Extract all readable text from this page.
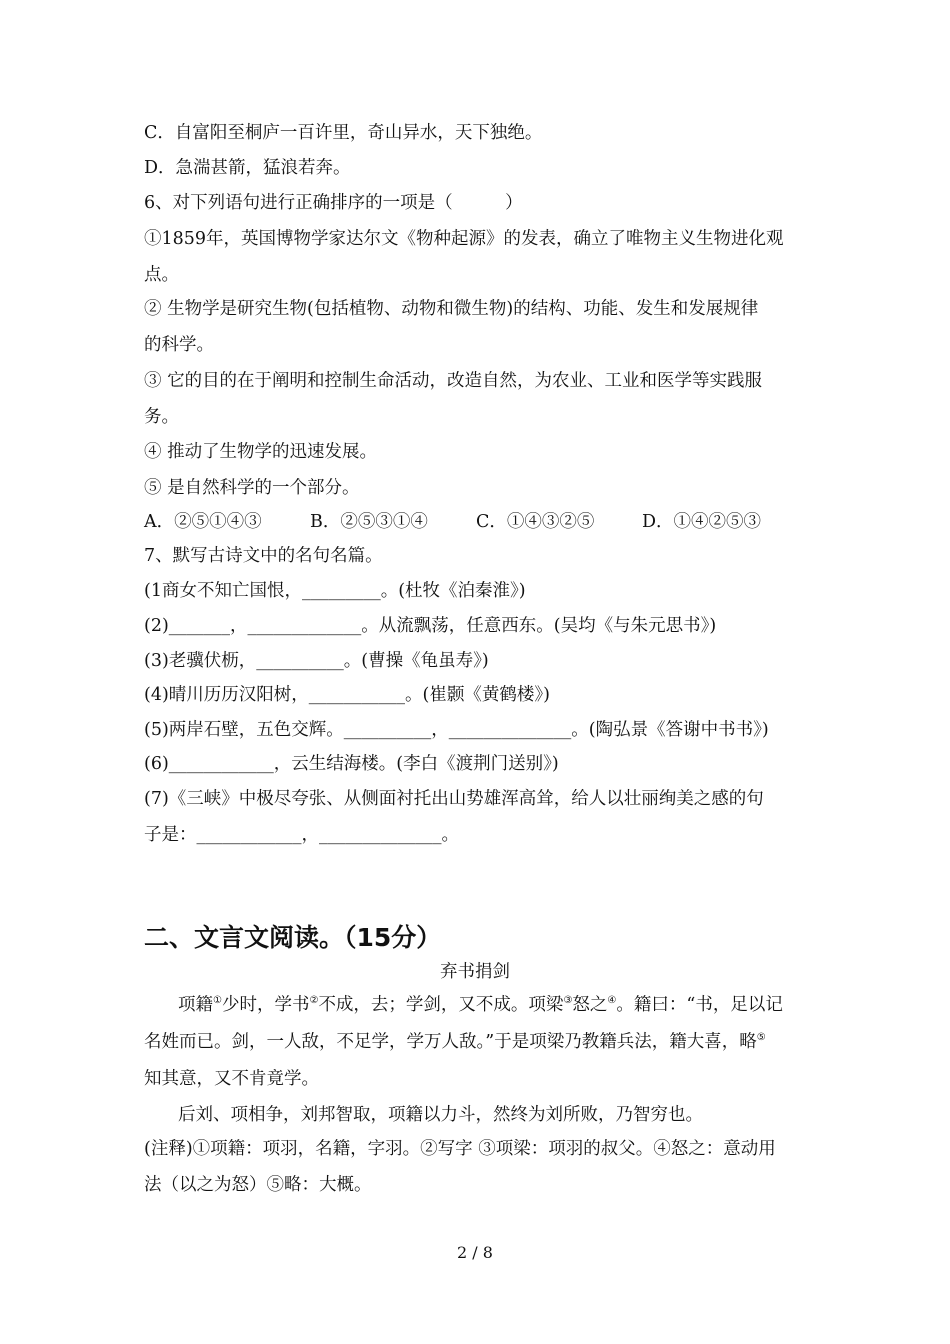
C．自富阳至桐庐一百许里，奇山异水，天下独绝。
D．急湍甚箭，猛浪若奔。
6、对下列语句进行正确排序的一项是（　　　）
①1859年，英国博物学家达尔文《物种起源》的发表，确立了唯物主义生物进化观
点。
② 生物学是研究生物(包括植物、动物和微生物)的结构、功能、发生和发展规律
的科学。
③ 它的目的在于阐明和控制生命活动，改造自然，为农业、工业和医学等实践服
务。
④ 推动了生物学的迅速发展。
⑤ 是自然科学的一个部分。
A．②⑤①④③	B．②⑤③①④	C．①④③②⑤	D．①④②⑤③
7、默写古诗文中的名句名篇。
(1商女不知亡国恨，_________。(杜牧《泊秦淮》)
(2)_______，_____________。从流飘荡，任意西东。(吴均《与朱元思书》)
(3)老骥伏枥，__________。(曹操《龟虽寿》)
(4)晴川历历汉阳树，___________。(崔颢《黄鹤楼》)
(5)两岸石壁，五色交辉。__________，______________。(陶弘景《答谢中书书》)
(6)____________，云生结海楼。(李白《渡荆门送别》)
(7)《三峡》中极尽夸张、从侧面衬托出山势雄浑高耸，给人以壮丽绚美之感的句
子是：____________，______________。
二、文言文阅读。（15分）
弃书捐剑
项籍①少时，学书②不成，去；学剑，又不成。项梁③怒之④。籍曰：“书，足以记
名姓而已。剑，一人敌，不足学，学万人敌。”于是项梁乃教籍兵法，籍大喜，略⑤
知其意，又不肯竟学。
后刘、项相争，刘邦智取，项籍以力斗，然终为刘所败，乃智穷也。
(注释)①项籍：项羽，名籍，字羽。②写字 ③项梁：项羽的叔父。④怒之：意动用
法（以之为怒）⑤略：大概。
2 / 8
